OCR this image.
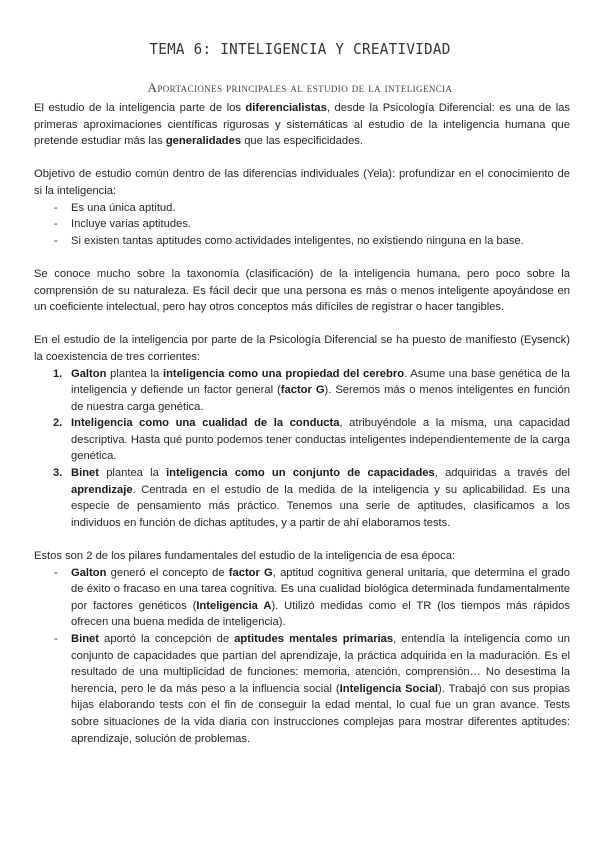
TEMA 6: INTELIGENCIA Y CREATIVIDAD
Aportaciones principales al estudio de la inteligencia

El estudio de la inteligencia parte de los diferencialistas, desde la Psicología Diferencial: es una de las primeras aproximaciones científicas rigurosas y sistemáticas al estudio de la inteligencia humana que pretende estudiar más las generalidades que las especificidades.

Objetivo de estudio común dentro de las diferencias individuales (Yela): profundizar en el conocimiento de si la inteligencia:

- Es una única aptitud.
- Incluye varias aptitudes.
- Si existen tantas aptitudes como actividades inteligentes, no existiendo ninguna en la base.

Se conoce mucho sobre la taxonomía (clasificación) de la inteligencia humana, pero poco sobre la comprensión de su naturaleza. Es fácil decir que una persona es más o menos inteligente apoyándose en un coeficiente intelectual, pero hay otros conceptos más difíciles de registrar o hacer tangibles.

En el estudio de la inteligencia por parte de la Psicología Diferencial se ha puesto de manifiesto (Eysenck) la coexistencia de tres corrientes:

1. Galton plantea la inteligencia como una propiedad del cerebro. Asume una base genética de la inteligencia y defiende un factor general (factor G). Seremos más o menos inteligentes en función de nuestra carga genética.
2. Inteligencia como una cualidad de la conducta, atribuyéndole a la misma, una capacidad descriptiva. Hasta qué punto podemos tener conductas inteligentes independientemente de la carga genética.
3. Binet plantea la inteligencia como un conjunto de capacidades, adquiridas a través del aprendizaje. Centrada en el estudio de la medida de la inteligencia y su aplicabilidad. Es una especie de pensamiento más práctico. Tenemos una serie de aptitudes, clasificamos a los individuos en función de dichas aptitudes, y a partir de ahí elaboramos tests.

Estos son 2 de los pilares fundamentales del estudio de la inteligencia de esa época:

- Galton generó el concepto de factor G, aptitud cognitiva general unitaria, que determina el grado de éxito o fracaso en una tarea cognitiva. Es una cualidad biológica determinada fundamentalmente por factores genéticos (Inteligencia A). Utilizó medidas como el TR (los tiempos más rápidos ofrecen una buena medida de inteligencia).
- Binet aportó la concepción de aptitudes mentales primarias, entendía la inteligencia como un conjunto de capacidades que partían del aprendizaje, la práctica adquirida en la maduración. Es el resultado de una multiplicidad de funciones: memoria, atención, comprensión… No desestima la herencia, pero le da más peso a la influencia social (Inteligencia Social). Trabajó con sus propias hijas elaborando tests con el fin de conseguir la edad mental, lo cual fue un gran avance. Tests sobre situaciones de la vida diaria con instrucciones complejas para mostrar diferentes aptitudes: aprendizaje, solución de problemas.
